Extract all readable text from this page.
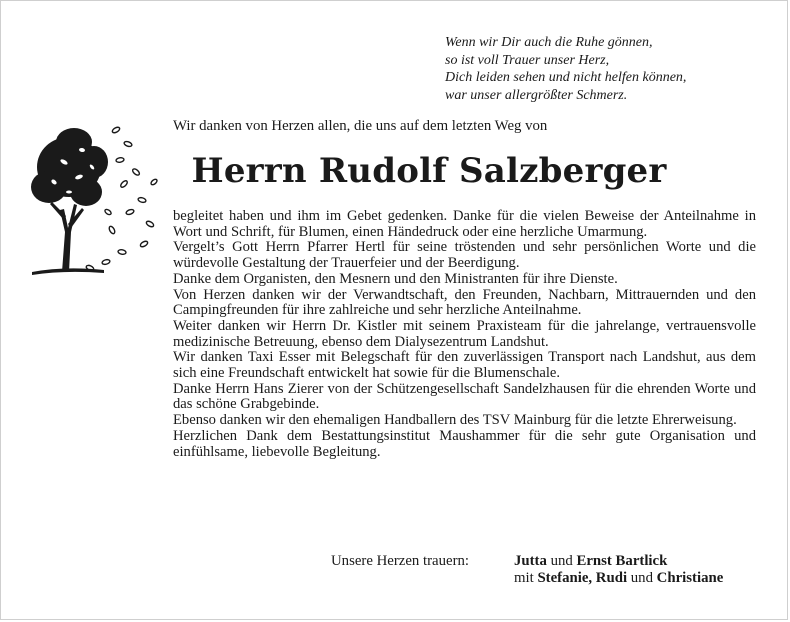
Wenn wir Dir auch die Ruhe gönnen,
so ist voll Trauer unser Herz,
Dich leiden sehen und nicht helfen können,
war unser allergrößter Schmerz.
Wir danken von Herzen allen, die uns auf dem letzten Weg von
Herrn Rudolf Salzberger

begleitet haben und ihm im Gebet gedenken. Danke für die vielen Beweise der Anteilnahme in Wort und Schrift, für Blumen, einen Händedruck oder eine herzliche Umarmung.

Vergelt’s Gott Herrn Pfarrer Hertl für seine tröstenden und sehr persönlichen Worte und die würdevolle Gestaltung der Trauerfeier und der Beerdigung.

Danke dem Organisten, den Mesnern und den Ministranten für ihre Dienste.

Von Herzen danken wir der Verwandtschaft, den Freunden, Nachbarn, Mittrauernden und den Campingfreunden für ihre zahlreiche und sehr herzliche Anteilnahme.

Weiter danken wir Herrn Dr. Kistler mit seinem Praxisteam für die jahrelange, vertrauensvolle medizinische Betreuung, ebenso dem Dialysezentrum Landshut.

Wir danken Taxi Esser mit Belegschaft für den zuverlässigen Transport nach Landshut, aus dem sich eine Freundschaft entwickelt hat sowie für die Blumenschale.

Danke Herrn Hans Zierer von der Schützengesellschaft Sandelzhausen für die ehrenden Worte und das schöne Grabgebinde.

Ebenso danken wir den ehemaligen Handballern des TSV Mainburg für die letzte Ehrerweisung.

Herzlichen Dank dem Bestattungsinstitut Maushammer für die sehr gute Organisation und einfühlsame, liebevolle Begleitung.

Unsere Herzen trauern:	Jutta und Ernst Bartlick
mit Stefanie, Rudi und Christiane
